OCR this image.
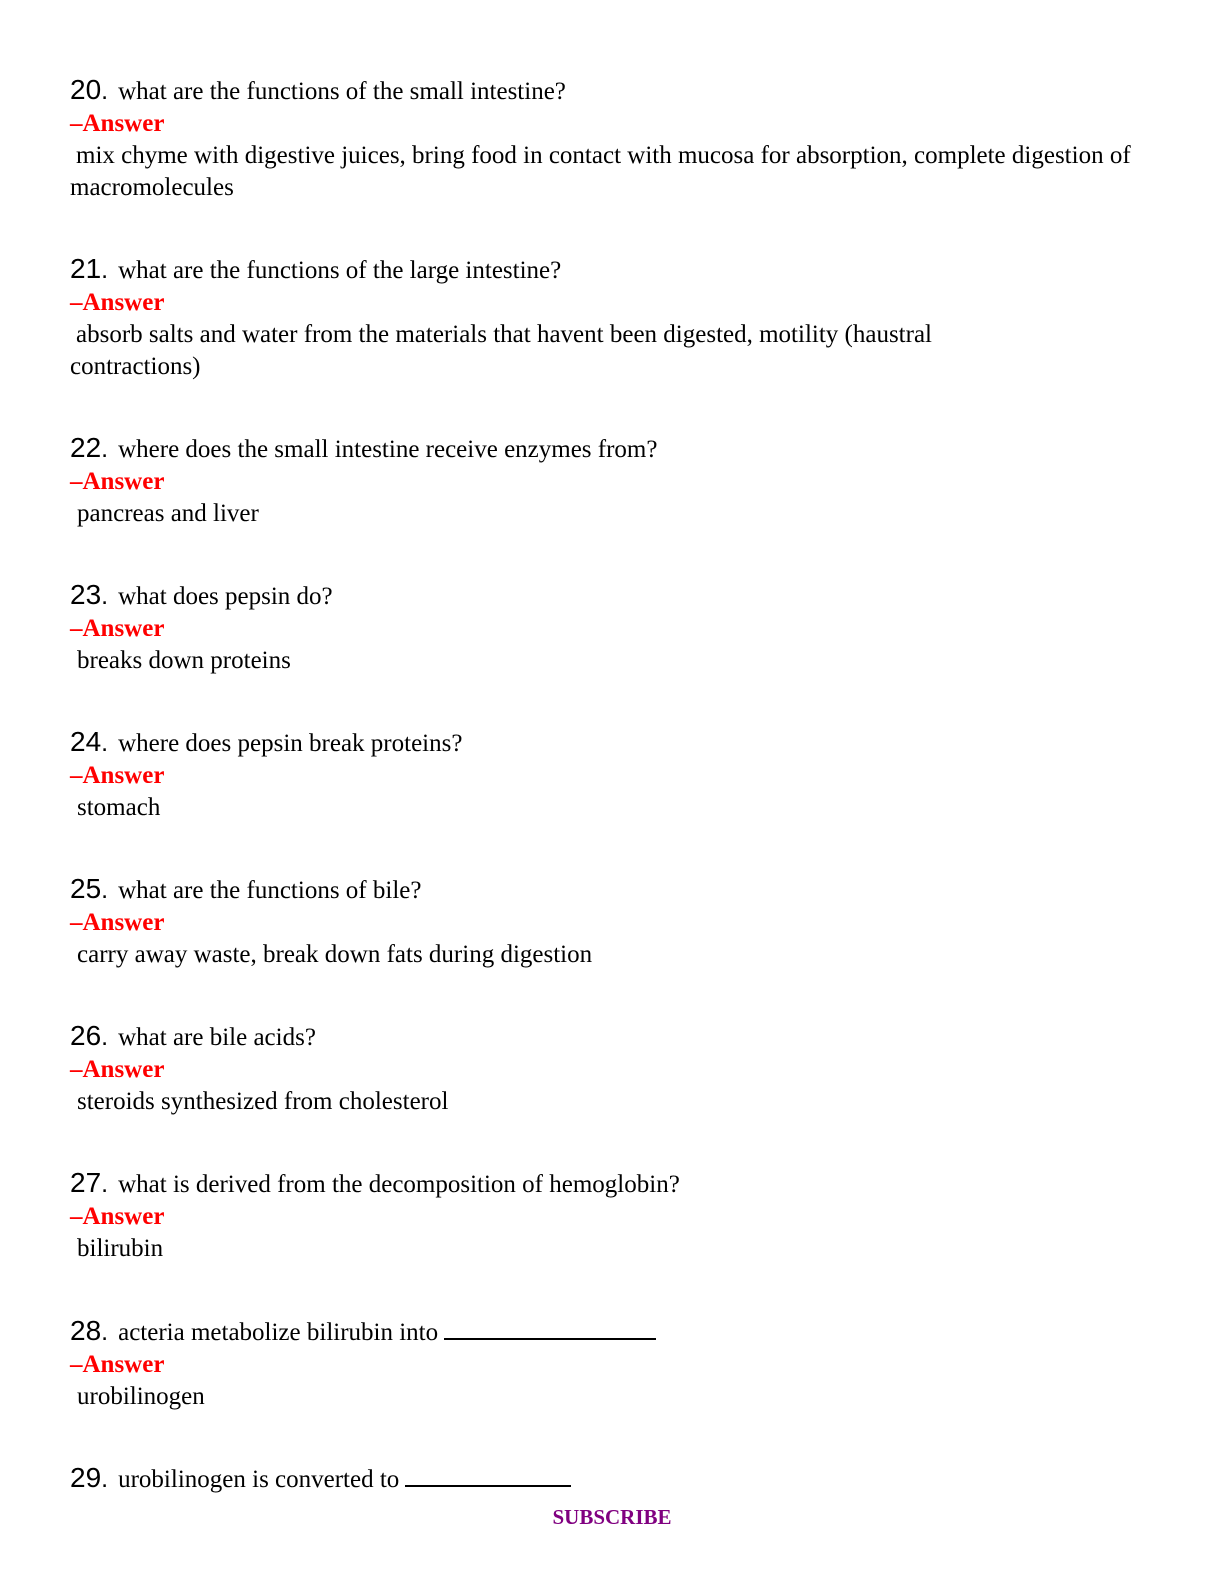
20. what are the functions of the small intestine?
–Answer
mix chyme with digestive juices, bring food in contact with mucosa for absorption, complete digestion of macromolecules
21. what are the functions of the large intestine?
–Answer
absorb salts and water from the materials that havent been digested, motility (haustral contractions)
22. where does the small intestine receive enzymes from?
–Answer
pancreas and liver
23. what does pepsin do?
–Answer
breaks down proteins
24. where does pepsin break proteins?
–Answer
stomach
25. what are the functions of bile?
–Answer
carry away waste, break down fats during digestion
26. what are bile acids?
–Answer
steroids synthesized from cholesterol
27. what is derived from the decomposition of hemoglobin?
–Answer
bilirubin
28. acteria metabolize bilirubin into
–Answer
urobilinogen
29. urobilinogen is converted to
SUBSCRIBE
